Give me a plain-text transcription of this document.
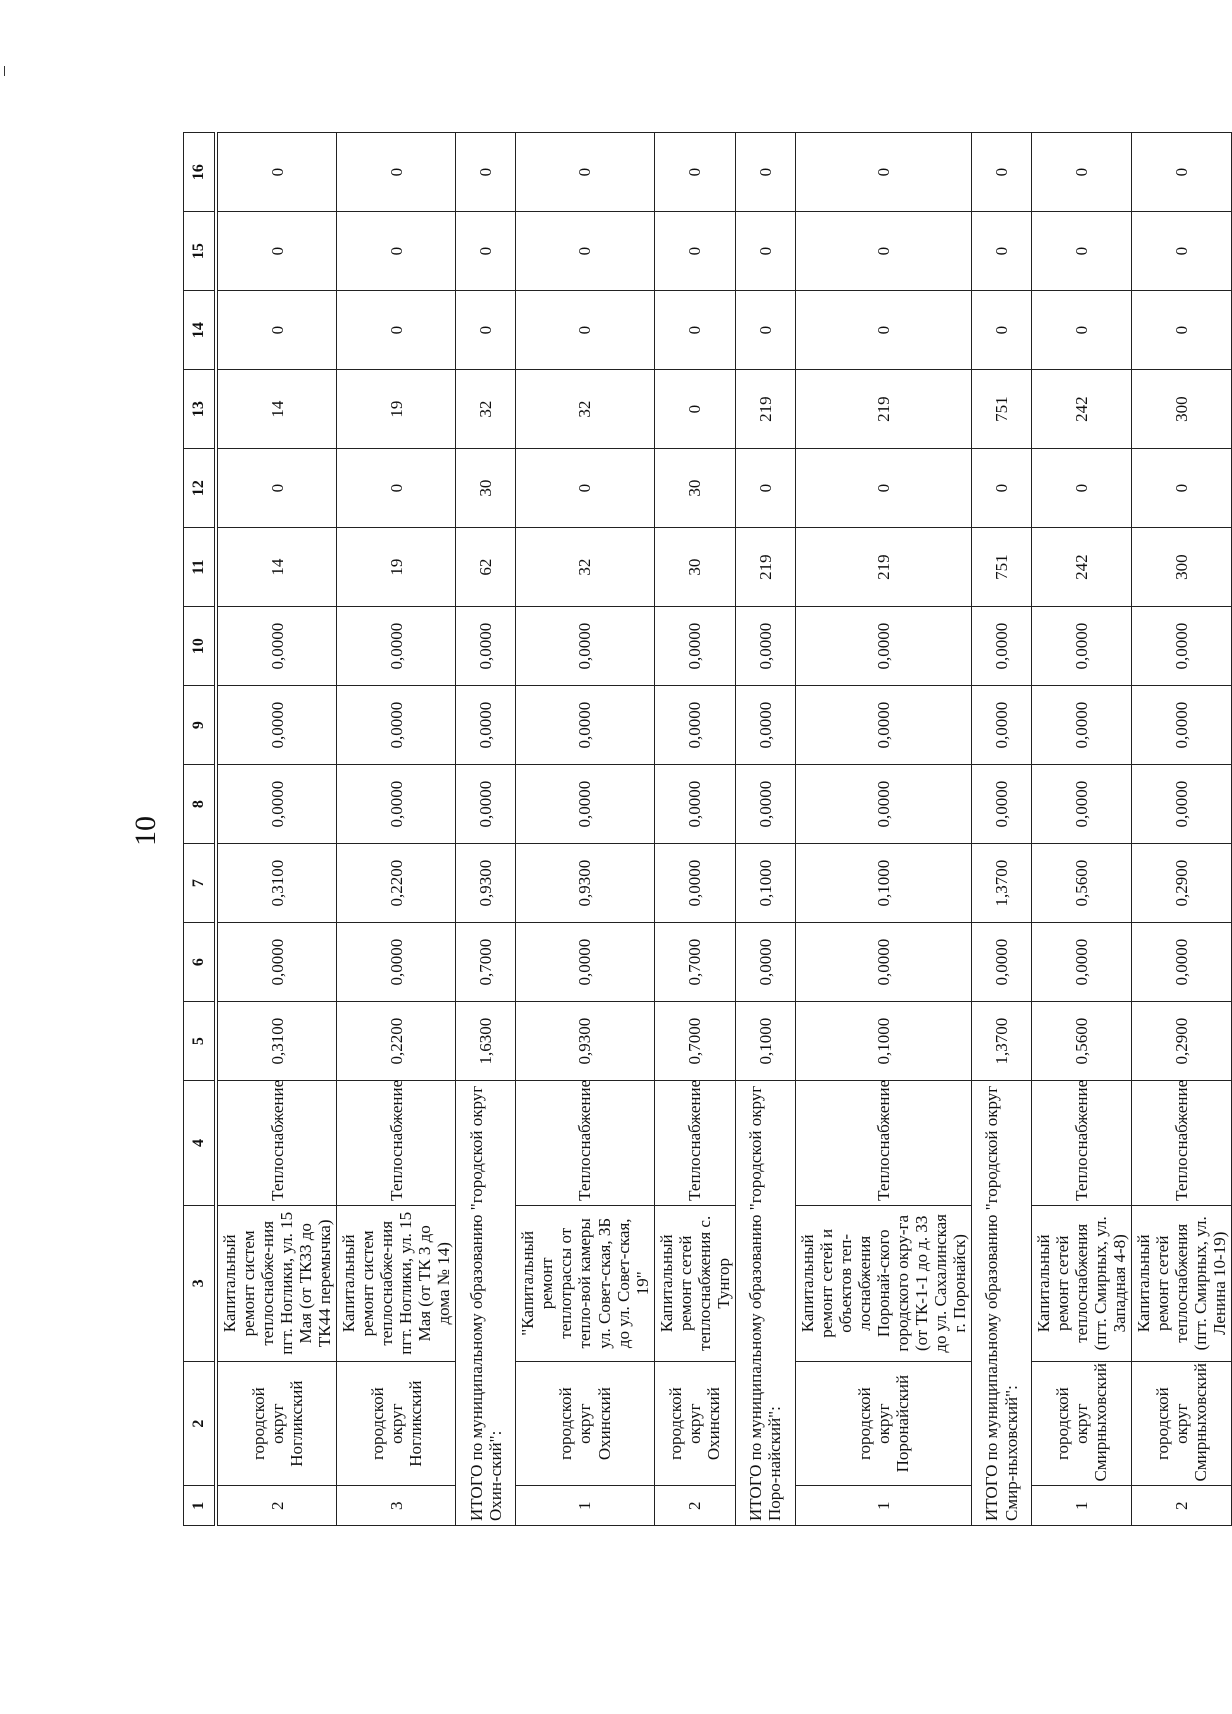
10
1	2	3	4	5	6	7	8	9	10	11	12	13	14	15	16
2	городской округ Ногликский	Капитальный ремонт систем теплоснабже-ния пгт. Ноглики, ул. 15 Мая (от ТК33 до ТК44 перемычка)	Теплоснабжение	0,3100	0,0000	0,3100	0,0000	0,0000	0,0000	14	0	14	0	0	0
3	городской округ Ногликский	Капитальный ремонт систем теплоснабже-ния пгт. Ноглики, ул. 15 Мая (от ТК 3 до дома № 14)	Теплоснабжение	0,2200	0,0000	0,2200	0,0000	0,0000	0,0000	19	0	19	0	0	0
ИТОГО по муниципальному образованию "городской округ Охин-ский":				1,6300	0,7000	0,9300	0,0000	0,0000	0,0000	62	30	32	0	0	0
1	городской округ Охинский	"Капитальный ремонт теплотрассы от тепло-вой камеры ул. Совет-ская, 3Б до ул. Совет-ская, 19"	Теплоснабжение	0,9300	0,0000	0,9300	0,0000	0,0000	0,0000	32	0	32	0	0	0
2	городской округ Охинский	Капитальный ремонт сетей теплоснабжения с. Тунгор	Теплоснабжение	0,7000	0,7000	0,0000	0,0000	0,0000	0,0000	30	30	0	0	0	0
ИТОГО по муниципальному образованию "городской округ Поро-найский":				0,1000	0,0000	0,1000	0,0000	0,0000	0,0000	219	0	219	0	0	0
1	городской округ Поронайский	Капитальный ремонт сетей и объектов теп-лоснабжения Поронай-ского городского окру-га (от ТК-1-1 до д. 33 до ул. Сахалинская г. Поронайск)	Теплоснабжение	0,1000	0,0000	0,1000	0,0000	0,0000	0,0000	219	0	219	0	0	0
ИТОГО по муниципальному образованию "городской округ Смир-ныховский":				1,3700	0,0000	1,3700	0,0000	0,0000	0,0000	751	0	751	0	0	0
1	городской округ Смирныховский	Капитальный ремонт сетей теплоснабжения (пгт. Смирных, ул. Западная 4-8)	Теплоснабжение	0,5600	0,0000	0,5600	0,0000	0,0000	0,0000	242	0	242	0	0	0
2	городской округ Смирныховский	Капитальный ремонт сетей теплоснабжения (пгт. Смирных, ул. Ленина 10-19)	Теплоснабжение	0,2900	0,0000	0,2900	0,0000	0,0000	0,0000	300	0	300	0	0	0
